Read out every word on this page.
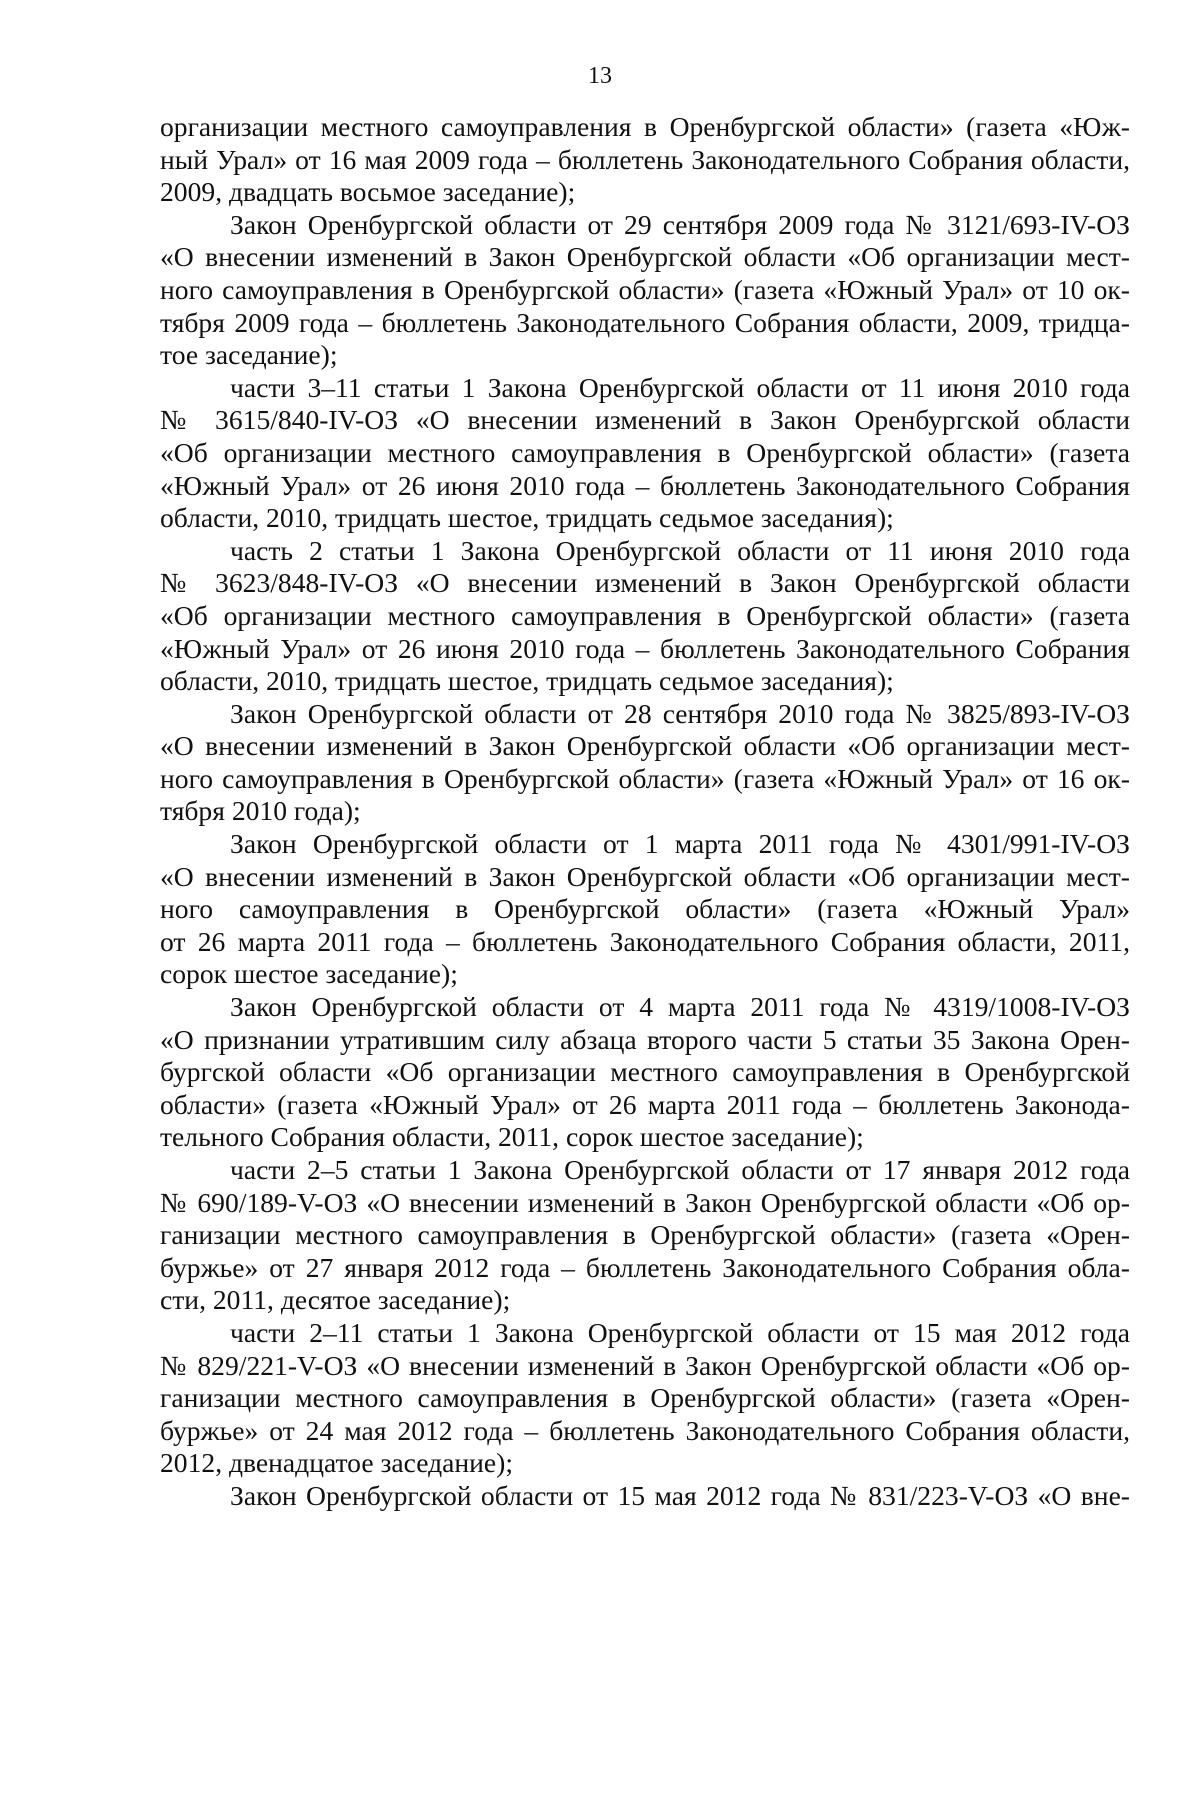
13
организации местного самоуправления в Оренбургской области» (газета «Юж-
ный Урал» от 16 мая 2009 года – бюллетень Законодательного Собрания области,
2009, двадцать восьмое заседание);
Закон Оренбургской области от 29 сентября 2009 года № 3121/693-IV-ОЗ
«О внесении изменений в Закон Оренбургской области «Об организации мест-
ного самоуправления в Оренбургской области» (газета «Южный Урал» от 10 ок-
тября 2009 года – бюллетень Законодательного Собрания области, 2009, тридца-
тое заседание);
части 3–11 статьи 1 Закона Оренбургской области от 11 июня 2010 года
№ 3615/840-IV-ОЗ «О внесении изменений в Закон Оренбургской области
«Об организации местного самоуправления в Оренбургской области» (газета
«Южный Урал» от 26 июня 2010 года – бюллетень Законодательного Собрания
области, 2010, тридцать шестое, тридцать седьмое заседания);
часть 2 статьи 1 Закона Оренбургской области от 11 июня 2010 года
№ 3623/848-IV-ОЗ «О внесении изменений в Закон Оренбургской области
«Об организации местного самоуправления в Оренбургской области» (газета
«Южный Урал» от 26 июня 2010 года – бюллетень Законодательного Собрания
области, 2010, тридцать шестое, тридцать седьмое заседания);
Закон Оренбургской области от 28 сентября 2010 года № 3825/893-IV-ОЗ
«О внесении изменений в Закон Оренбургской области «Об организации мест-
ного самоуправления в Оренбургской области» (газета «Южный Урал» от 16 ок-
тября 2010 года);
Закон Оренбургской области от 1 марта 2011 года № 4301/991-IV-ОЗ
«О внесении изменений в Закон Оренбургской области «Об организации мест-
ного самоуправления в Оренбургской области» (газета «Южный Урал»
от 26 марта 2011 года – бюллетень Законодательного Собрания области, 2011,
сорок шестое заседание);
Закон Оренбургской области от 4 марта 2011 года № 4319/1008-IV-ОЗ
«О признании утратившим силу абзаца второго части 5 статьи 35 Закона Орен-
бургской области «Об организации местного самоуправления в Оренбургской
области» (газета «Южный Урал» от 26 марта 2011 года – бюллетень Законода-
тельного Собрания области, 2011, сорок шестое заседание);
части 2–5 статьи 1 Закона Оренбургской области от 17 января 2012 года
№ 690/189-V-ОЗ «О внесении изменений в Закон Оренбургской области «Об ор-
ганизации местного самоуправления в Оренбургской области» (газета «Орен-
буржье» от 27 января 2012 года – бюллетень Законодательного Собрания обла-
сти, 2011, десятое заседание);
части 2–11 статьи 1 Закона Оренбургской области от 15 мая 2012 года
№ 829/221-V-ОЗ «О внесении изменений в Закон Оренбургской области «Об ор-
ганизации местного самоуправления в Оренбургской области» (газета «Орен-
буржье» от 24 мая 2012 года – бюллетень Законодательного Собрания области,
2012, двенадцатое заседание);
Закон Оренбургской области от 15 мая 2012 года № 831/223-V-ОЗ «О вне-
